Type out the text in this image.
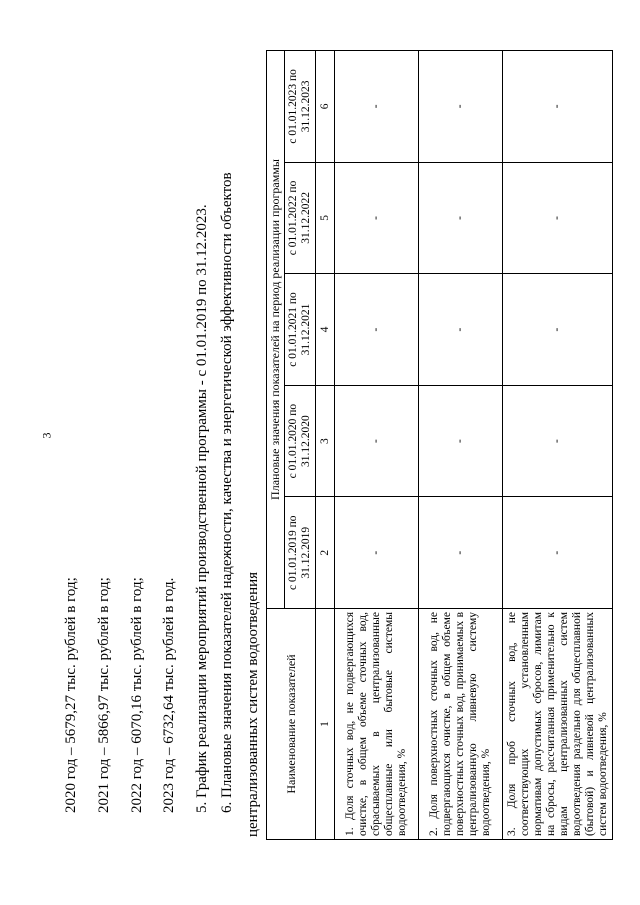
3
2020 год – 5679,27 тыс. рублей в год; 2021 год – 5866,97 тыс. рублей в год; 2022 год – 6070,16 тыс. рублей в год; 2023 год – 6732,64 тыс. рублей в год. 5. График реализации мероприятий производственной программы - с 01.01.2019 по 31.12.2023. 6. Плановые значения показателей надежности, качества и энергетической эффективности объектов централизованных систем водоотведения Наименование показателей	Плановые значения показателей на период реализации программы				
	с 01.01.2019 по 31.12.2019	с 01.01.2020 по 31.12.2020	с 01.01.2021 по 31.12.2021	с 01.01.2022 по 31.12.2022	с 01.01.2023 по 31.12.2023
1	2	3	4	5	6
1. Доля сточных вод, не подвергающихся очистке, в общем объеме сточных вод, сбрасываемых в централизованные общесплавные или бытовые системы водоотведения, %	-	-	-	-	-
2. Доля поверхностных сточных вод, не подвергающихся очистке, в общем объеме поверхностных сточных вод, принимаемых в централизованную ливневую систему водоотведения, %	-	-	-	-	-
3. Доля проб сточных вод, не соответствующих установленным нормативам допустимых сбросов, лимитам на сбросы, рассчитанная применительно к видам централизованных систем водоотведения раздельно для общесплавной (бытовой) и ливневой централизованных систем водоотведения, %	-	-	-	-	-
